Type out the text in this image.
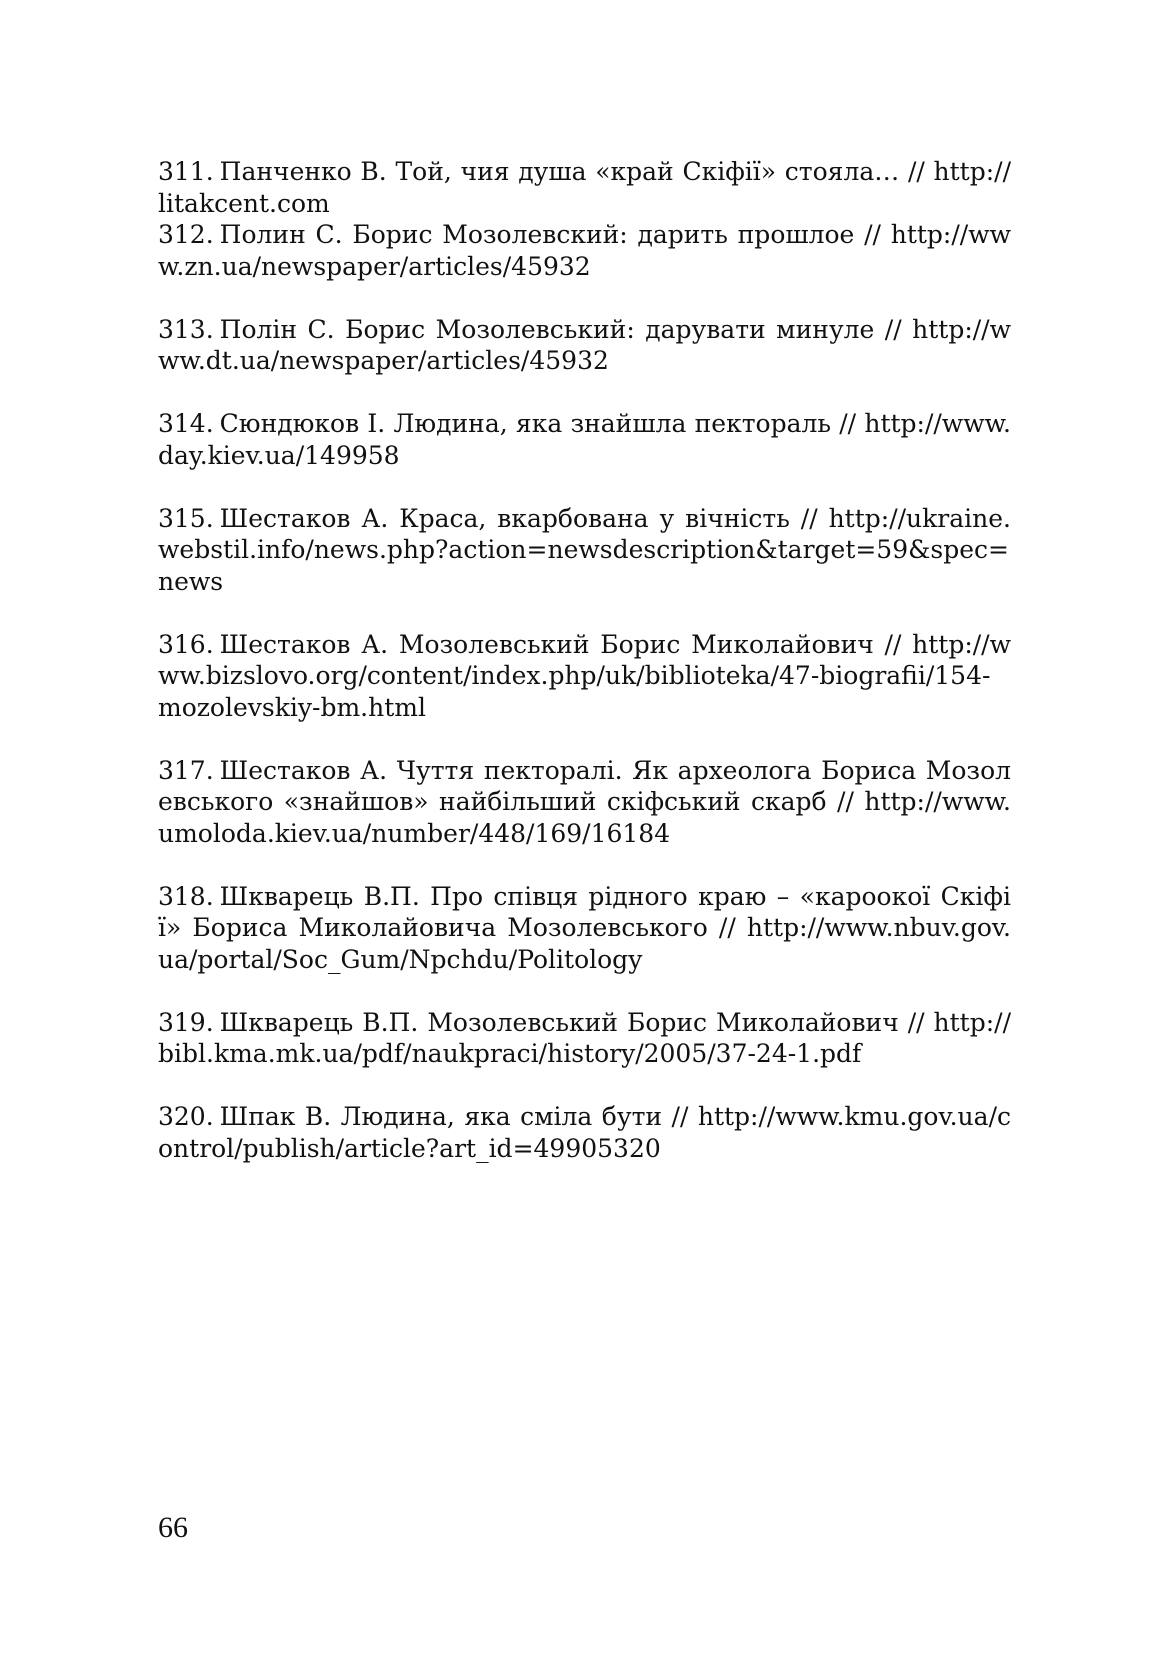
311. Панченко В. Той, чия душа «край Скіфії» стояла… // http://litakcent.com

312. Полин С. Борис Мозолевский: дарить прошлое // http://www.zn.ua/newspaper/articles/45932

313. Полін С. Борис Мозолевський: дарувати минуле // http://www.dt.ua/newspaper/articles/45932

314. Сюндюков І. Людина, яка знайшла пектораль // http://www.day.kiev.ua/149958

315. Шестаков А. Краса, вкарбована у вічність // http://ukraine.webstil.info/news.php?action=newsdescription&target=59&spec=news

316. Шестаков А. Мозолевський Борис Миколайович // http://www.bizslovo.org/content/index.php/uk/biblioteka/47-biografii/154-mozolevskiy-bm.html

317. Шестаков А. Чуття пекторалі. Як археолога Бориса Мозолевського «знайшов» найбільший скіфський скарб // http://www.umoloda.kiev.ua/number/448/169/16184

318. Шкварець В.П. Про співця рідного краю – «кароокої Скіфії» Бориса Миколайовича Мозолевського // http://www.nbuv.gov.ua/portal/Soc_Gum/Npchdu/Politology

319. Шкварець В.П. Мозолевський Борис Миколайович // http://bibl.kma.mk.ua/pdf/naukpraci/history/2005/37-24-1.pdf

320. Шпак В. Людина, яка сміла бути // http://www.kmu.gov.ua/control/publish/article?art_id=49905320

66
